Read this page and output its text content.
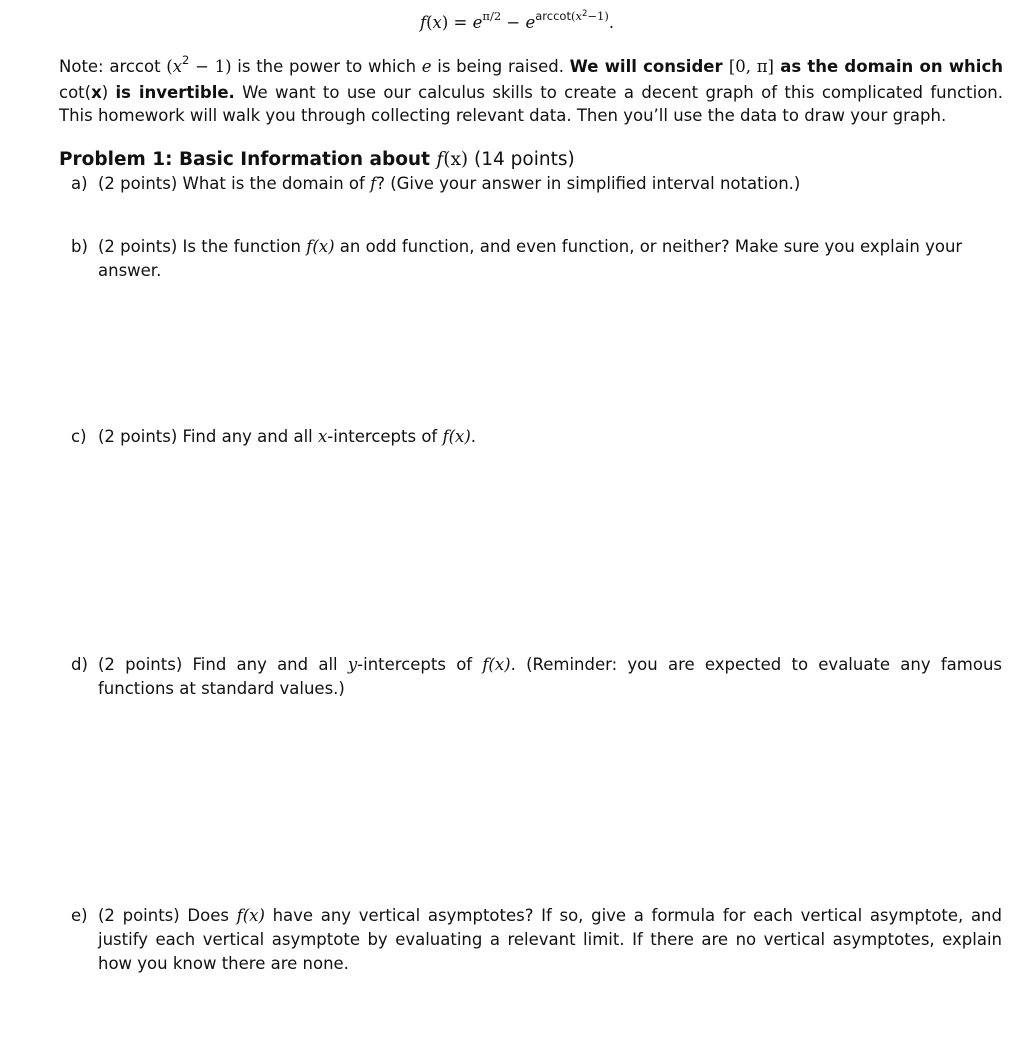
$f(x) = e^{\pi/2} - e^{arccot(x^2-1)}$.
Note: arccot $(x^2 - 1)$ is the power to which e is being raised. We will consider [0, π] as the domain on which cot(x) is invertible. We want to use our calculus skills to create a decent graph of this complicated function. This homework will walk you through collecting relevant data. Then you’ll use the data to draw your graph.
Problem 1: Basic Information about f(x) (14 points)
a) (2 points) What is the domain of f? (Give your answer in simplified interval notation.)
b) (2 points) Is the function f(x) an odd function, and even function, or neither? Make sure you explain your answer.
c) (2 points) Find any and all x-intercepts of f(x).
d) (2 points) Find any and all y-intercepts of f(x). (Reminder: you are expected to evaluate any famous functions at standard values.)
e) (2 points) Does f(x) have any vertical asymptotes? If so, give a formula for each vertical asymptote, and justify each vertical asymptote by evaluating a relevant limit. If there are no vertical asymptotes, explain how you know there are none.
